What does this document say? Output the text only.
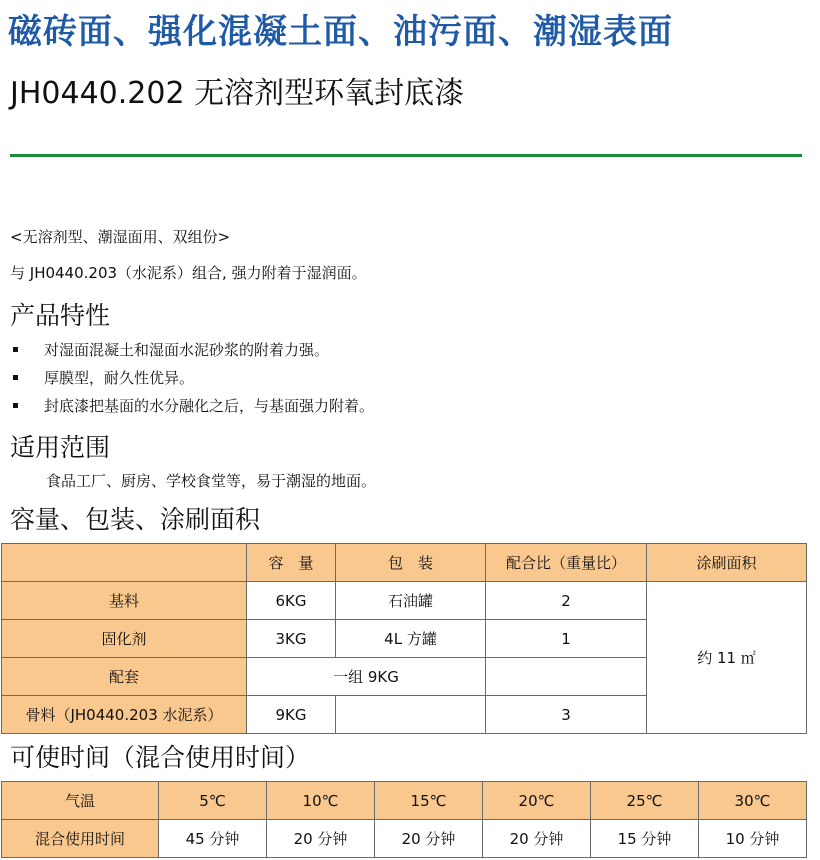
磁砖面、强化混凝土面、油污面、潮湿表面
JH0440.202 无溶剂型环氧封底漆
<无溶剂型、潮湿面用、双组份>
与 JH0440.203（水泥系）组合, 强力附着于湿润面。
产品特性
对湿面混凝土和湿面水泥砂浆的附着力强。
厚膜型，耐久性优异。
封底漆把基面的水分融化之后，与基面强力附着。
适用范围
食品工厂、厨房、学校食堂等，易于潮湿的地面。
容量、包装、涂刷面积
	容　量	包　装	配合比（重量比）	涂刷面积
基料	6KG	石油罐	2	约 11 ㎡
固化剂	3KG	4L 方罐	1	
配套	一组 9KG			
骨料（JH0440.203 水泥系）	9KG		3	
可使时间（混合使用时间）
气温	5℃	10℃	15℃	20℃	25℃	30℃
混合使用时间	45 分钟	20 分钟	20 分钟	20 分钟	15 分钟	10 分钟
